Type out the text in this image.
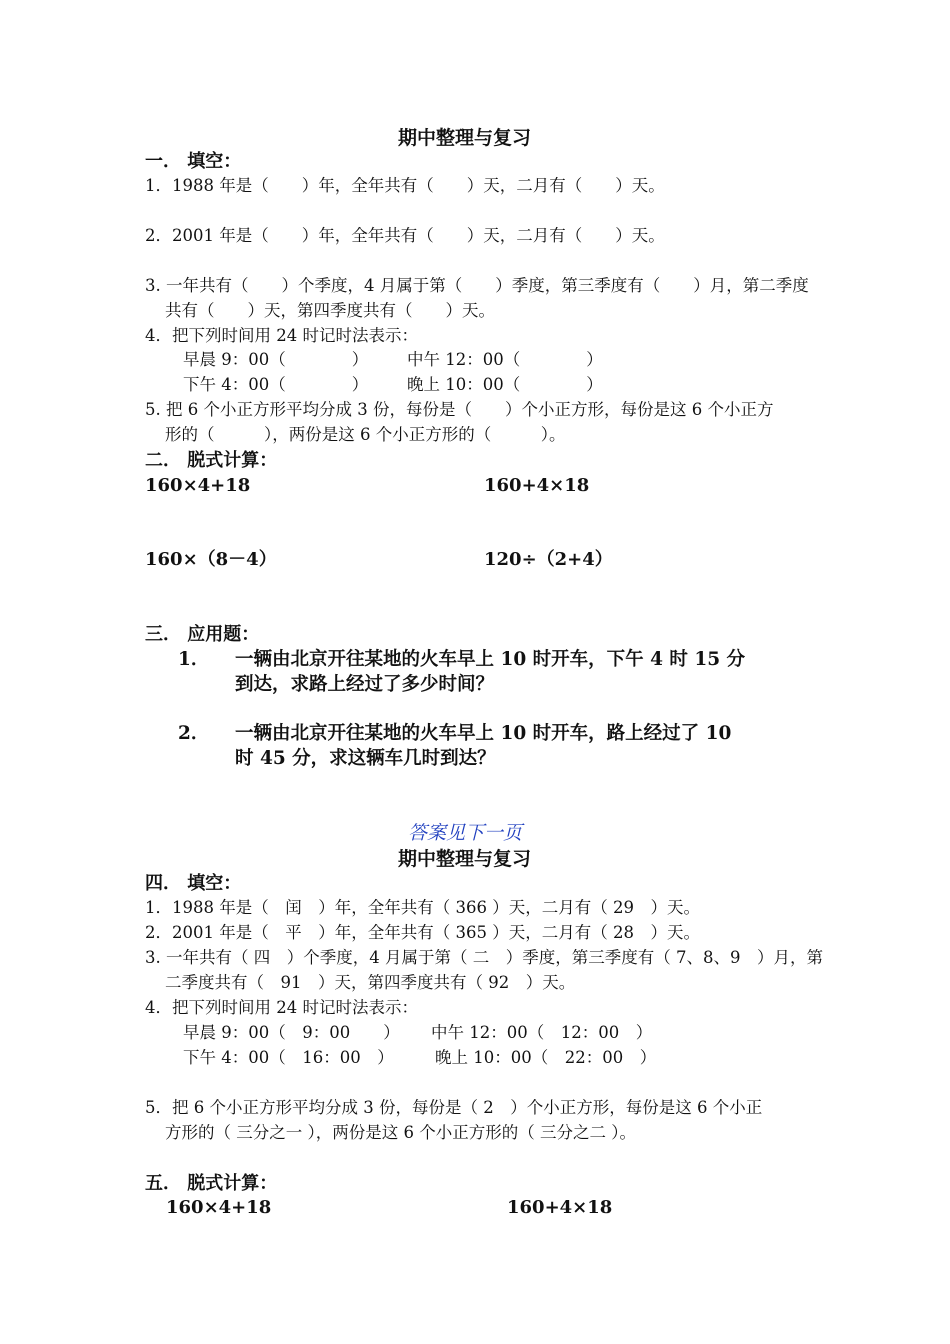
期中整理与复习
一． 填空：
1．1988 年是（　　）年，全年共有（　　）天，二月有（　　）天。
2．2001 年是（　　）年，全年共有（　　）天，二月有（　　）天。
3. 一年共有（　　）个季度，4 月属于第（　　）季度，第三季度有（　　）月，第二季度
共有（　　）天，第四季度共有（　　）天。
4．把下列时间用 24 时记时法表示：
早晨 9：00（　　　　） 中午 12：00（　　　　）
下午 4：00（　　　　） 晚上 10：00（　　　　）
5. 把 6 个小正方形平均分成 3 份，每份是（　　）个小正方形，每份是这 6 个小正方
形的（　　　），两份是这 6 个小正方形的（　　　）。
二． 脱式计算：
160×4+18	160+4×18
160×（8－4）	120÷（2+4）
三． 应用题：
1． 一辆由北京开往某地的火车早上 10 时开车，下午 4 时 15 分
到达，求路上经过了多少时间？
2． 一辆由北京开往某地的火车早上 10 时开车，路上经过了 10
时 45 分，求这辆车几时到达？
答案见下一页
期中整理与复习
四． 填空：
1．1988 年是（　闰　）年，全年共有（ 366 ）天，二月有（ 29　）天。
2．2001 年是（　平　）年，全年共有（ 365 ）天，二月有（ 28　）天。
3. 一年共有（ 四　）个季度，4 月属于第（ 二　）季度，第三季度有（ 7、8、9　）月，第
二季度共有（　91　）天，第四季度共有（ 92　）天。
4．把下列时间用 24 时记时法表示：
早晨 9：00（　9：00　　） 中午 12：00（　12：00　）
下午 4：00（　16：00　）	晚上 10：00（　22：00　）
5．把 6 个小正方形平均分成 3 份，每份是（ 2　）个小正方形，每份是这 6 个小正
方形的（ 三分之一 ），两份是这 6 个小正方形的（ 三分之二 ）。
五． 脱式计算：
160×4+18	160+4×18
